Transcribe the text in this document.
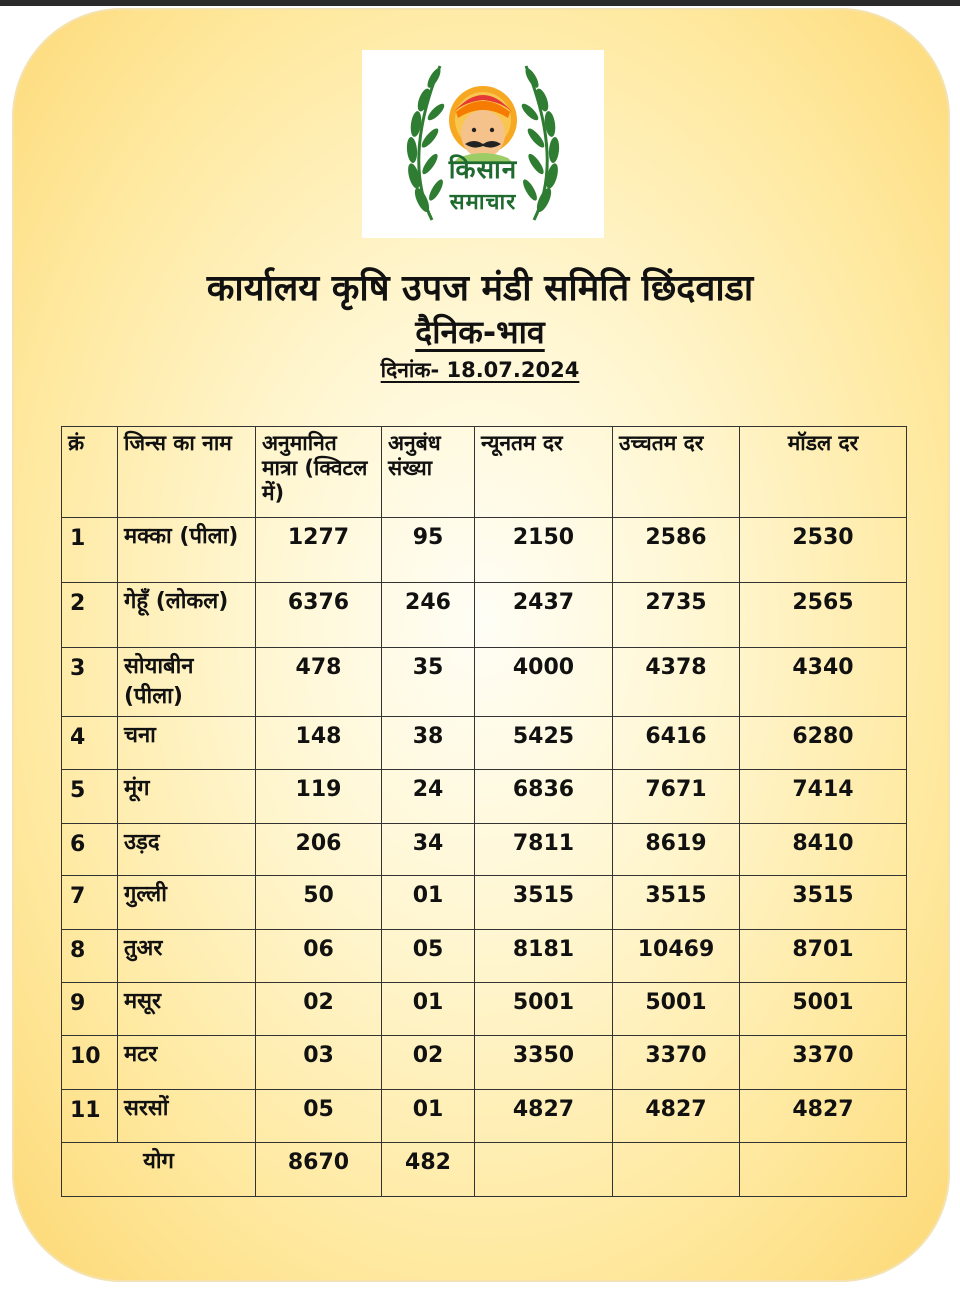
किसान
समाचार
कार्यालय कृषि उपज मंडी समिति छिंदवाडा
दैनिक-भाव
दिनांक- 18.07.2024
क्रं	जिन्स का नाम	अनुमानित मात्रा (क्विटल में)	अनुबंध संख्या	न्यूनतम दर	उच्चतम दर	मॉडल दर
1	मक्का (पीला)	1277	95	2150	2586	2530
2	गेहूँ (लोकल)	6376	246	2437	2735	2565
3	सोयाबीन (पीला)	478	35	4000	4378	4340
4	चना	148	38	5425	6416	6280
5	मूंग	119	24	6836	7671	7414
6	उड़द	206	34	7811	8619	8410
7	गुल्ली	50	01	3515	3515	3515
8	तुअर	06	05	8181	10469	8701
9	मसूर	02	01	5001	5001	5001
10	मटर	03	02	3350	3370	3370
11	सरसों	05	01	4827	4827	4827
योग		8670	482			
